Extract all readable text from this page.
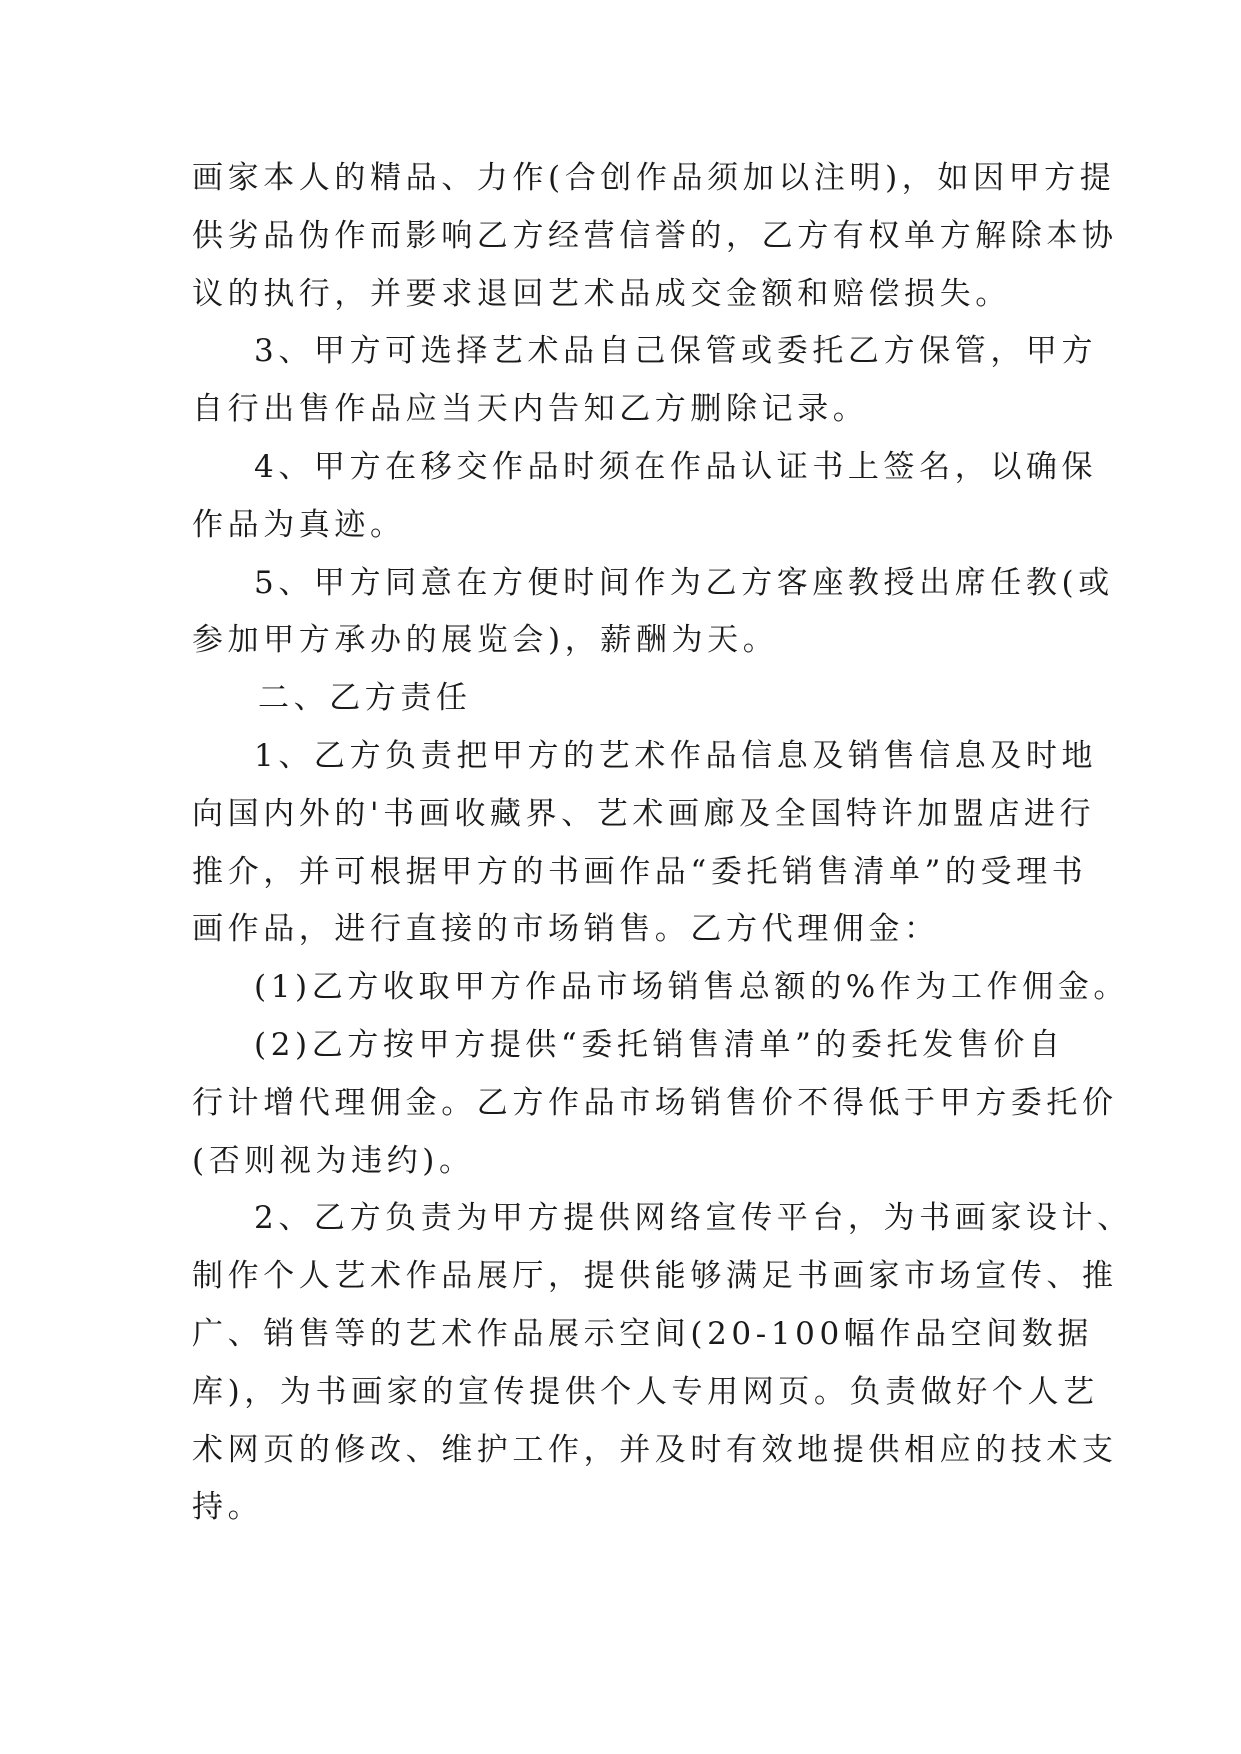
画家本人的精品、力作(合创作品须加以注明)，如因甲方提

供劣品伪作而影响乙方经营信誉的，乙方有权单方解除本协

议的执行，并要求退回艺术品成交金额和赔偿损失。

3、甲方可选择艺术品自己保管或委托乙方保管，甲方

自行出售作品应当天内告知乙方删除记录。

4、甲方在移交作品时须在作品认证书上签名，以确保

作品为真迹。

5、甲方同意在方便时间作为乙方客座教授出席任教(或

参加甲方承办的展览会)，薪酬为天。

二、乙方责任

1、乙方负责把甲方的艺术作品信息及销售信息及时地

向国内外的'书画收藏界、艺术画廊及全国特许加盟店进行

推介，并可根据甲方的书画作品“委托销售清单”的受理书

画作品，进行直接的市场销售。乙方代理佣金：

(1)乙方收取甲方作品市场销售总额的%作为工作佣金。

(2)乙方按甲方提供“委托销售清单”的委托发售价自

行计增代理佣金。乙方作品市场销售价不得低于甲方委托价

(否则视为违约)。

2、乙方负责为甲方提供网络宣传平台，为书画家设计、

制作个人艺术作品展厅，提供能够满足书画家市场宣传、推

广、销售等的艺术作品展示空间(20-100幅作品空间数据

库)，为书画家的宣传提供个人专用网页。负责做好个人艺

术网页的修改、维护工作，并及时有效地提供相应的技术支

持。
